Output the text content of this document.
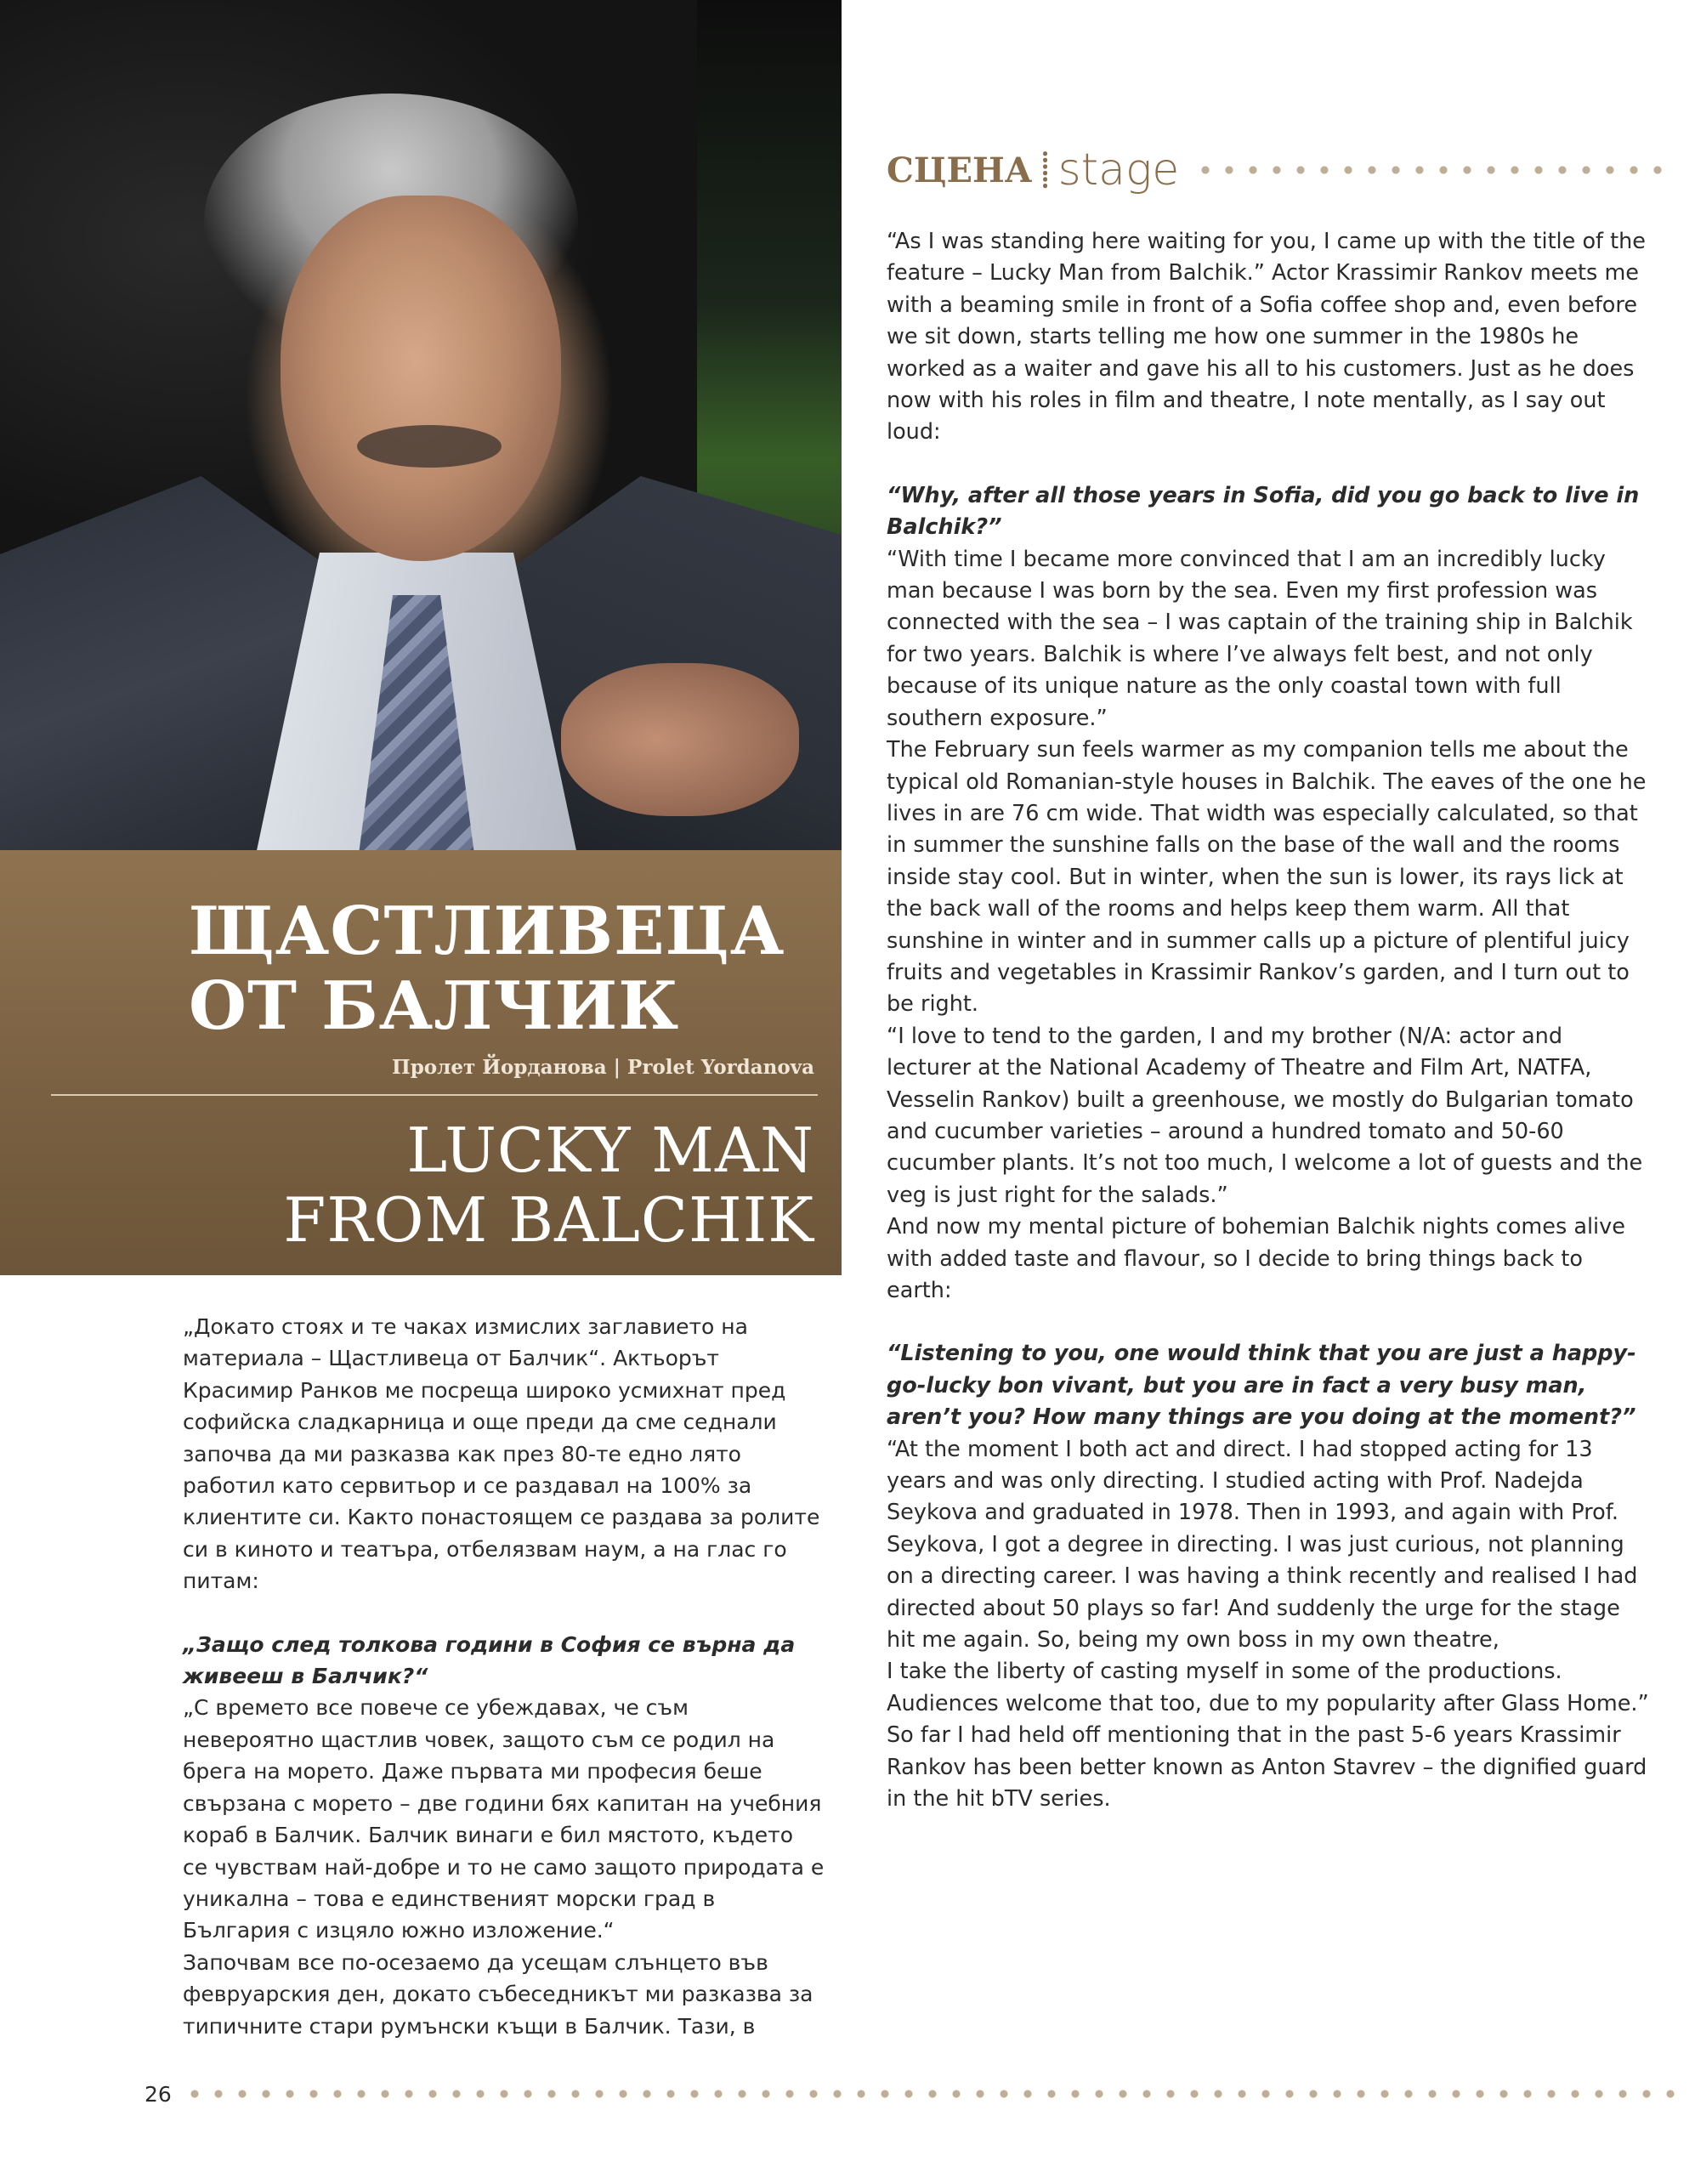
ЩАСТЛИВЕЦА
ОТ БАЛЧИК
Пролет Йорданова | Prolet Yordanova
LUCKY MAN
FROM BALCHIK
СЦЕНА ⸽ stage

“As I was standing here waiting for you, I came up with the title of the feature – Lucky Man from Balchik.” Actor Krassimir Rankov meets me with a beaming smile in front of a Sofia coffee shop and, even before we sit down, starts telling me how one summer in the 1980s he worked as a waiter and gave his all to his customers. Just as he does now with his roles in film and theatre, I note mentally, as I say out loud:

“Why, after all those years in Sofia, did you go back to live in Balchik?”

“With time I became more convinced that I am an incredibly lucky man because I was born by the sea. Even my first profession was connected with the sea – I was captain of the training ship in Balchik for two years. Balchik is where I’ve always felt best, and not only because of its unique nature as the only coastal town with full southern exposure.”

The February sun feels warmer as my companion tells me about the typical old Romanian-style houses in Balchik. The eaves of the one he lives in are 76 cm wide. That width was especially calculated, so that in summer the sunshine falls on the base of the wall and the rooms inside stay cool. But in winter, when the sun is lower, its rays lick at the back wall of the rooms and helps keep them warm. All that sunshine in winter and in summer calls up a picture of plentiful juicy fruits and vegetables in Krassimir Rankov’s garden, and I turn out to be right.

“I love to tend to the garden, I and my brother (N/A: actor and lecturer at the National Academy of Theatre and Film Art, NATFA, Vesselin Rankov) built a greenhouse, we mostly do Bulgarian tomato and cucumber varieties – around a hundred tomato and 50-60 cucumber plants. It’s not too much, I welcome a lot of guests and the veg is just right for the salads.”

And now my mental picture of bohemian Balchik nights comes alive with added taste and flavour, so I decide to bring things back to earth:

“Listening to you, one would think that you are just a happy-go-lucky bon vivant, but you are in fact a very busy man, aren’t you? How many things are you doing at the moment?”

“At the moment I both act and direct. I had stopped acting for 13 years and was only directing. I studied acting with Prof. Nadejda Seykova and graduated in 1978. Then in 1993, and again with Prof. Seykova, I got a degree in directing. I was just curious, not planning on a directing career. I was having a think recently and realised I had directed about 50 plays so far! And suddenly the urge for the stage hit me again. So, being my own boss in my own theatre,

I take the liberty of casting myself in some of the productions. Audiences welcome that too, due to my popularity after Glass Home.”

So far I had held off mentioning that in the past 5-6 years Krassimir Rankov has been better known as Anton Stavrev – the dignified guard in the hit bTV series.

„Докато стоях и те чаках измислих заглавието на материала – Щастливеца от Балчик“. Актьорът Красимир Ранков ме посреща широко усмихнат пред софийска сладкарница и още преди да сме седнали започва да ми разказва как през 80-те едно лято работил като сервитьор и се раздавал на 100% за клиентите си. Както понастоящем се раздава за ролите си в киното и театъра, отбелязвам наум, а на глас го питам:

„Защо след толкова години в София се върна да живееш в Балчик?“

„С времето все повече се убеждавах, че съм невероятно щастлив човек, защото съм се родил на брега на морето. Даже първата ми професия беше свързана с морето – две години бях капитан на учебния кораб в Балчик. Балчик винаги е бил мястото, където се чувствам най-добре и то не само защото природата е уникална – това е единственият морски град в България с изцяло южно изложение.“

Започвам все по-осезаемо да усещам слънцето във февруарския ден, докато събеседникът ми разказва за типичните стари румънски къщи в Балчик. Тази, в

26
